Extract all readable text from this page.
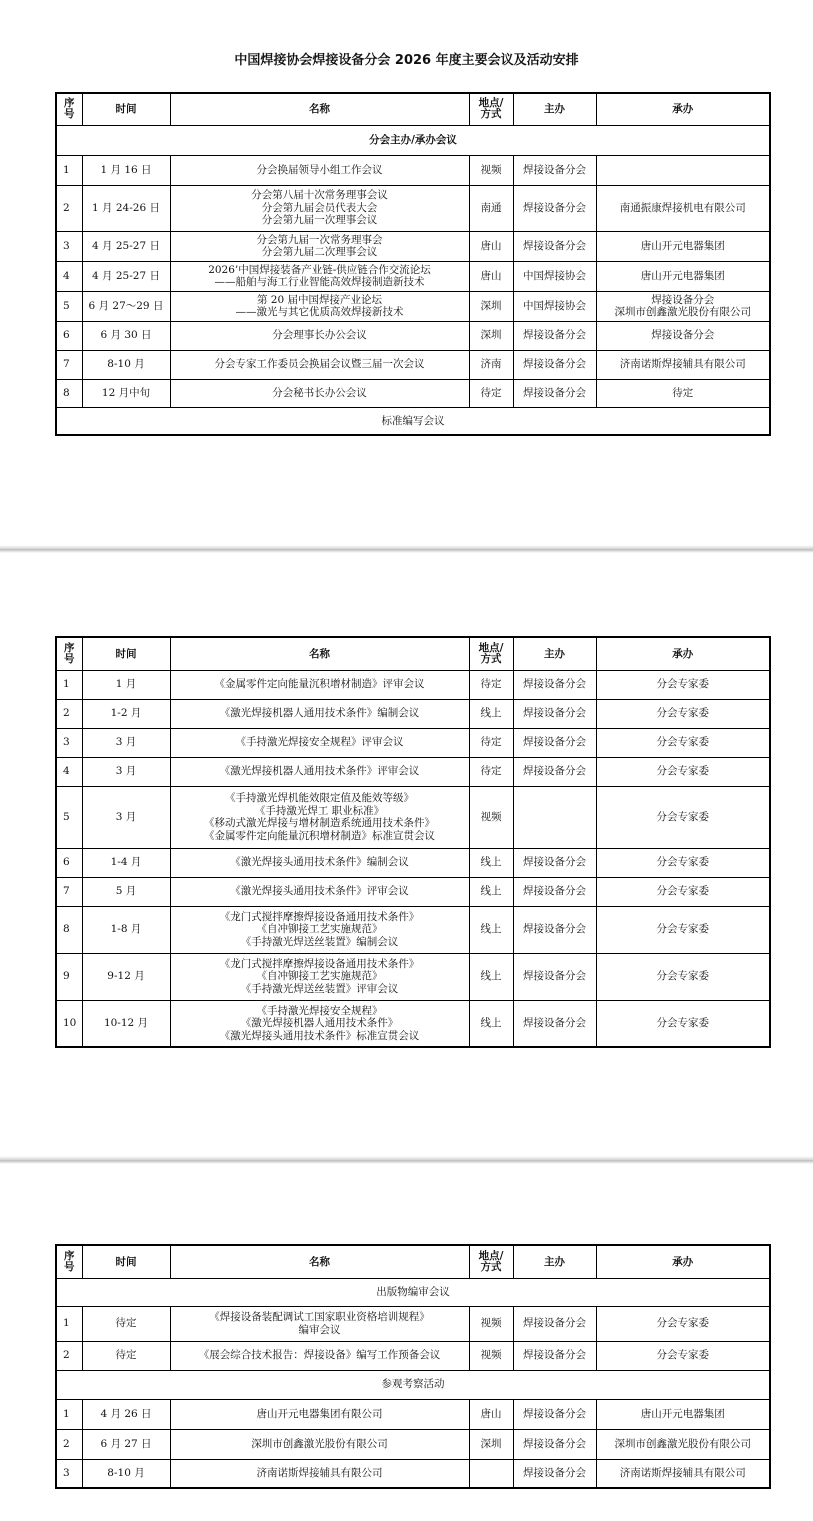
中国焊接协会焊接设备分会 2026 年度主要会议及活动安排
序
号	时间	名称	地点/
方式	主办	承办
分会主办/承办会议					
1	1 月 16 日	分会换届领导小组工作会议	视频	焊接设备分会	

2	1 月 24-26 日	分会第八届十次常务理事会议
分会第九届会员代表大会
分会第九届一次理事会议	南通	焊接设备分会	南通振康焊接机电有限公司

3	4 月 25-27 日	分会第九届一次常务理事会
分会第九届二次理事会议	唐山	焊接设备分会	唐山开元电器集团

4	4 月 25-27 日	2026’中国焊接装备产业链-供应链合作交流论坛
——船舶与海工行业智能高效焊接制造新技术	唐山	中国焊接协会	唐山开元电器集团

5	6 月 27～29 日	第 20 届中国焊接产业论坛
——激光与其它优质高效焊接新技术	深圳	中国焊接协会	焊接设备分会
深圳市创鑫激光股份有限公司

6	6 月 30 日	分会理事长办公会议	深圳	焊接设备分会	焊接设备分会

7	8-10 月	分会专家工作委员会换届会议暨三届一次会议	济南	焊接设备分会	济南诺斯焊接辅具有限公司

8	12 月中旬	分会秘书长办公会议	待定	焊接设备分会	待定

标准编写会议					
序
号	时间	名称	地点/
方式	主办	承办
1	1 月	《金属零件定向能量沉积增材制造》评审会议	待定	焊接设备分会	分会专家委
2	1-2 月	《激光焊接机器人通用技术条件》编制会议	线上	焊接设备分会	分会专家委
3	3 月	《手持激光焊接安全规程》评审会议	待定	焊接设备分会	分会专家委
4	3 月	《激光焊接机器人通用技术条件》评审会议	待定	焊接设备分会	分会专家委
5	3 月	《手持激光焊机能效限定值及能效等级》
《手持激光焊工 职业标准》
《移动式激光焊接与增材制造系统通用技术条件》
《金属零件定向能量沉积增材制造》标准宣贯会议	视频		分会专家委
6	1-4 月	《激光焊接头通用技术条件》编制会议	线上	焊接设备分会	分会专家委
7	5 月	《激光焊接头通用技术条件》评审会议	线上	焊接设备分会	分会专家委
8	1-8 月	《龙门式搅拌摩擦焊接设备通用技术条件》
《自冲铆接工艺实施规范》
《手持激光焊送丝装置》编制会议	线上	焊接设备分会	分会专家委
9	9-12 月	《龙门式搅拌摩擦焊接设备通用技术条件》
《自冲铆接工艺实施规范》
《手持激光焊送丝装置》评审会议	线上	焊接设备分会	分会专家委
10	10-12 月	《手持激光焊接安全规程》
《激光焊接机器人通用技术条件》
《激光焊接头通用技术条件》标准宣贯会议	线上	焊接设备分会	分会专家委
序
号	时间	名称	地点/
方式	主办	承办
出版物编审会议					
1	待定	《焊接设备装配调试工国家职业资格培训规程》
编审会议	视频	焊接设备分会	分会专家委
2	待定	《展会综合技术报告：焊接设备》编写工作预备会议	视频	焊接设备分会	分会专家委
参观考察活动					
1	4 月 26 日	唐山开元电器集团有限公司	唐山	焊接设备分会	唐山开元电器集团
2	6 月 27 日	深圳市创鑫激光股份有限公司	深圳	焊接设备分会	深圳市创鑫激光股份有限公司
3	8-10 月	济南诺斯焊接辅具有限公司		焊接设备分会	济南诺斯焊接辅具有限公司
